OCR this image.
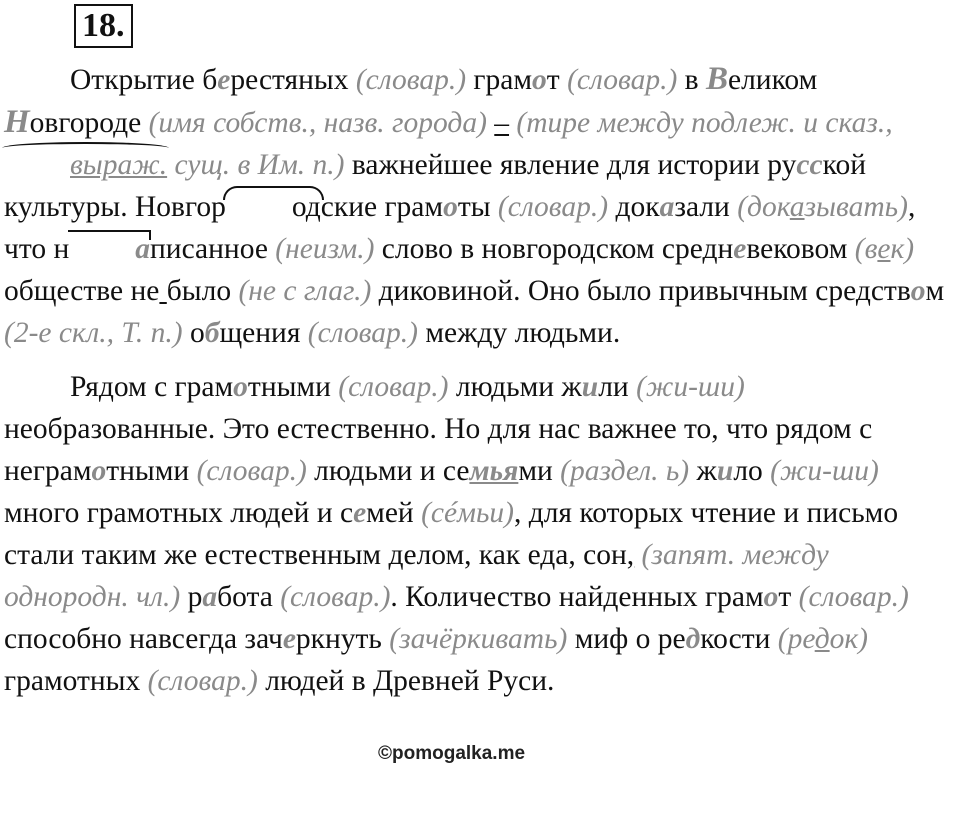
18.

Открытие берестяных (словар.) грамот (словар.) в Великом Новгороде (имя собств., назв. города) – (тире между подлеж. и сказ., выраж. сущ. в Им. п.) важнейшее явление для истории русской культуры. Новгор одские грамоты (словар.) доказали (доказывать), что н аписанное (неизм.) слово в новгородском средневековом (век) обществе не было (не с глаг.) диковиной. Оно было привычным средством (2-е скл., Т. п.) общения (словар.) между людьми.

Рядом с грамотными (словар.) людьми жили (жи-ши) необразованные. Это естественно. Но для нас важнее то, что рядом с неграмотными (словар.) людьми и семьями (раздел. ь) жило (жи-ши) много грамотных людей и семей (сéмьи), для которых чтение и письмо стали таким же естественным делом, как еда, сон, (запят. между однородн. чл.) работа (словар.). Количество найденных грамот (словар.) способно навсегда зачеркнуть (зачёркивать) миф о редкости (редок) грамотных (словар.) людей в Древней Руси.

©pomogalka.me
